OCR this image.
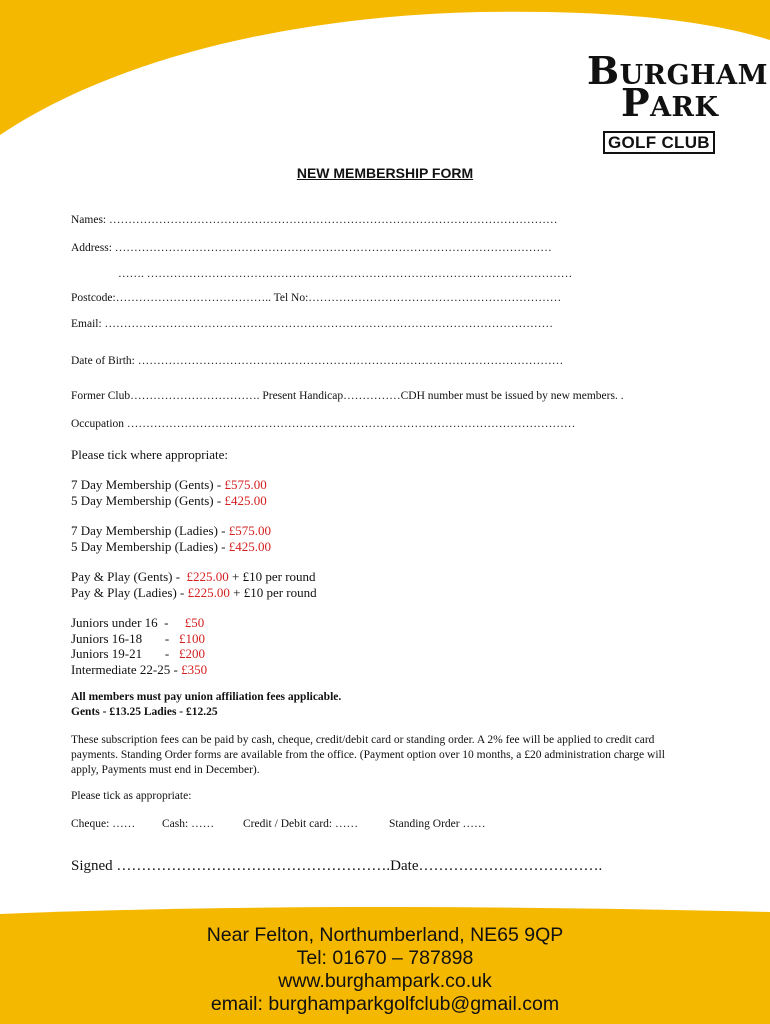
BURGHAM
PARK
GOLF CLUB
NEW MEMBERSHIP FORM
Names: ………………………………………………………………………………………………………
Address: ……………………………………………………………………………………………………
……. …………………………………………………………………………………………………
Postcode:………………………………….. Tel No:…………………………………………………………
Email: ………………………………………………………………………………………………………
Date of Birth: …………………………………………………………………………………………………
Former Club……………………………. Present Handicap……………CDH number must be issued by new members. .
Occupation ………………………………………………………………………………………………………
Please tick where appropriate:
7 Day Membership (Gents) - £575.00
5 Day Membership (Gents) - £425.00
7 Day Membership (Ladies) - £575.00
5 Day Membership (Ladies) - £425.00
Pay & Play (Gents) -  £225.00 + £10 per round
Pay & Play (Ladies) - £225.00 + £10 per round
Juniors under 16  -     £50
Juniors 16-18       -   £100
Juniors 19-21       -   £200
Intermediate 22-25 - £350
All members must pay union affiliation fees applicable.
Gents - £13.25 Ladies - £12.25
These subscription fees can be paid by cash, cheque, credit/debit card or standing order. A 2% fee will be applied to credit card payments. Standing Order forms are available from the office. (Payment option over 10 months, a £20 administration charge will apply, Payments must end in December).
Please tick as appropriate:
Cheque: …… Cash: ……	Credit / Debit card: ……	Standing Order ……
Signed ……………………………………………….Date……………………………….
Near Felton, Northumberland, NE65 9QP
Tel: 01670 – 787898
www.burghampark.co.uk
email: burghamparkgolfclub@gmail.com
